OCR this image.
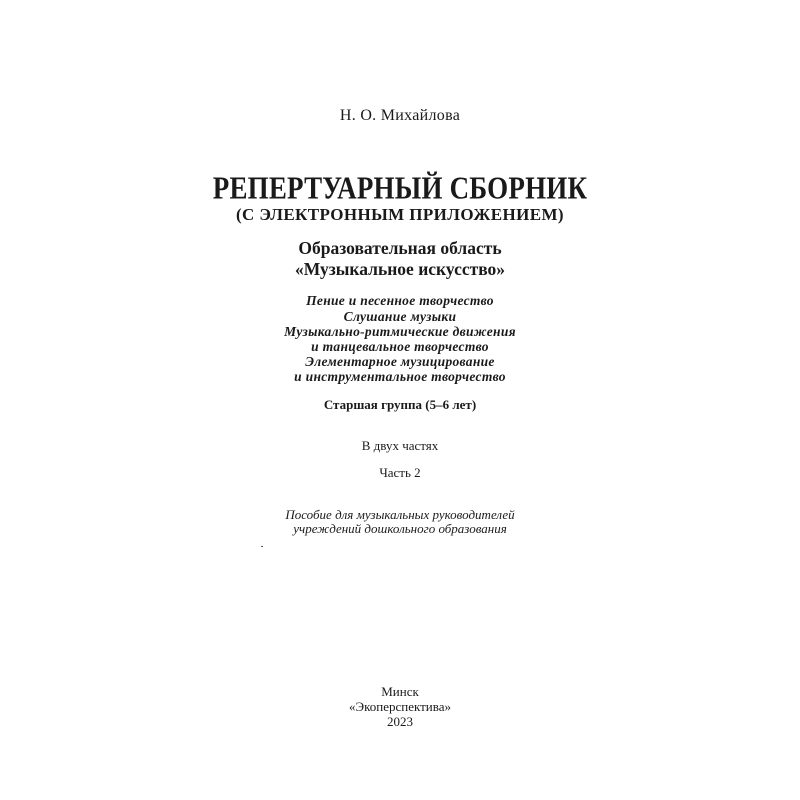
Н. О. Михайлова
РЕПЕРТУАРНЫЙ СБОРНИК
(С ЭЛЕКТРОННЫМ ПРИЛОЖЕНИЕМ)
Образовательная область
«Музыкальное искусство»
Пение и песенное творчество
Слушание музыки
Музыкально-ритмические движения
и танцевальное творчество
Элементарное музицирование
и инструментальное творчество
Старшая группа (5–6 лет)
В двух частях
Часть 2
Пособие для музыкальных руководителей
учреждений дошкольного образования
Минск
«Экоперспектива»
2023
